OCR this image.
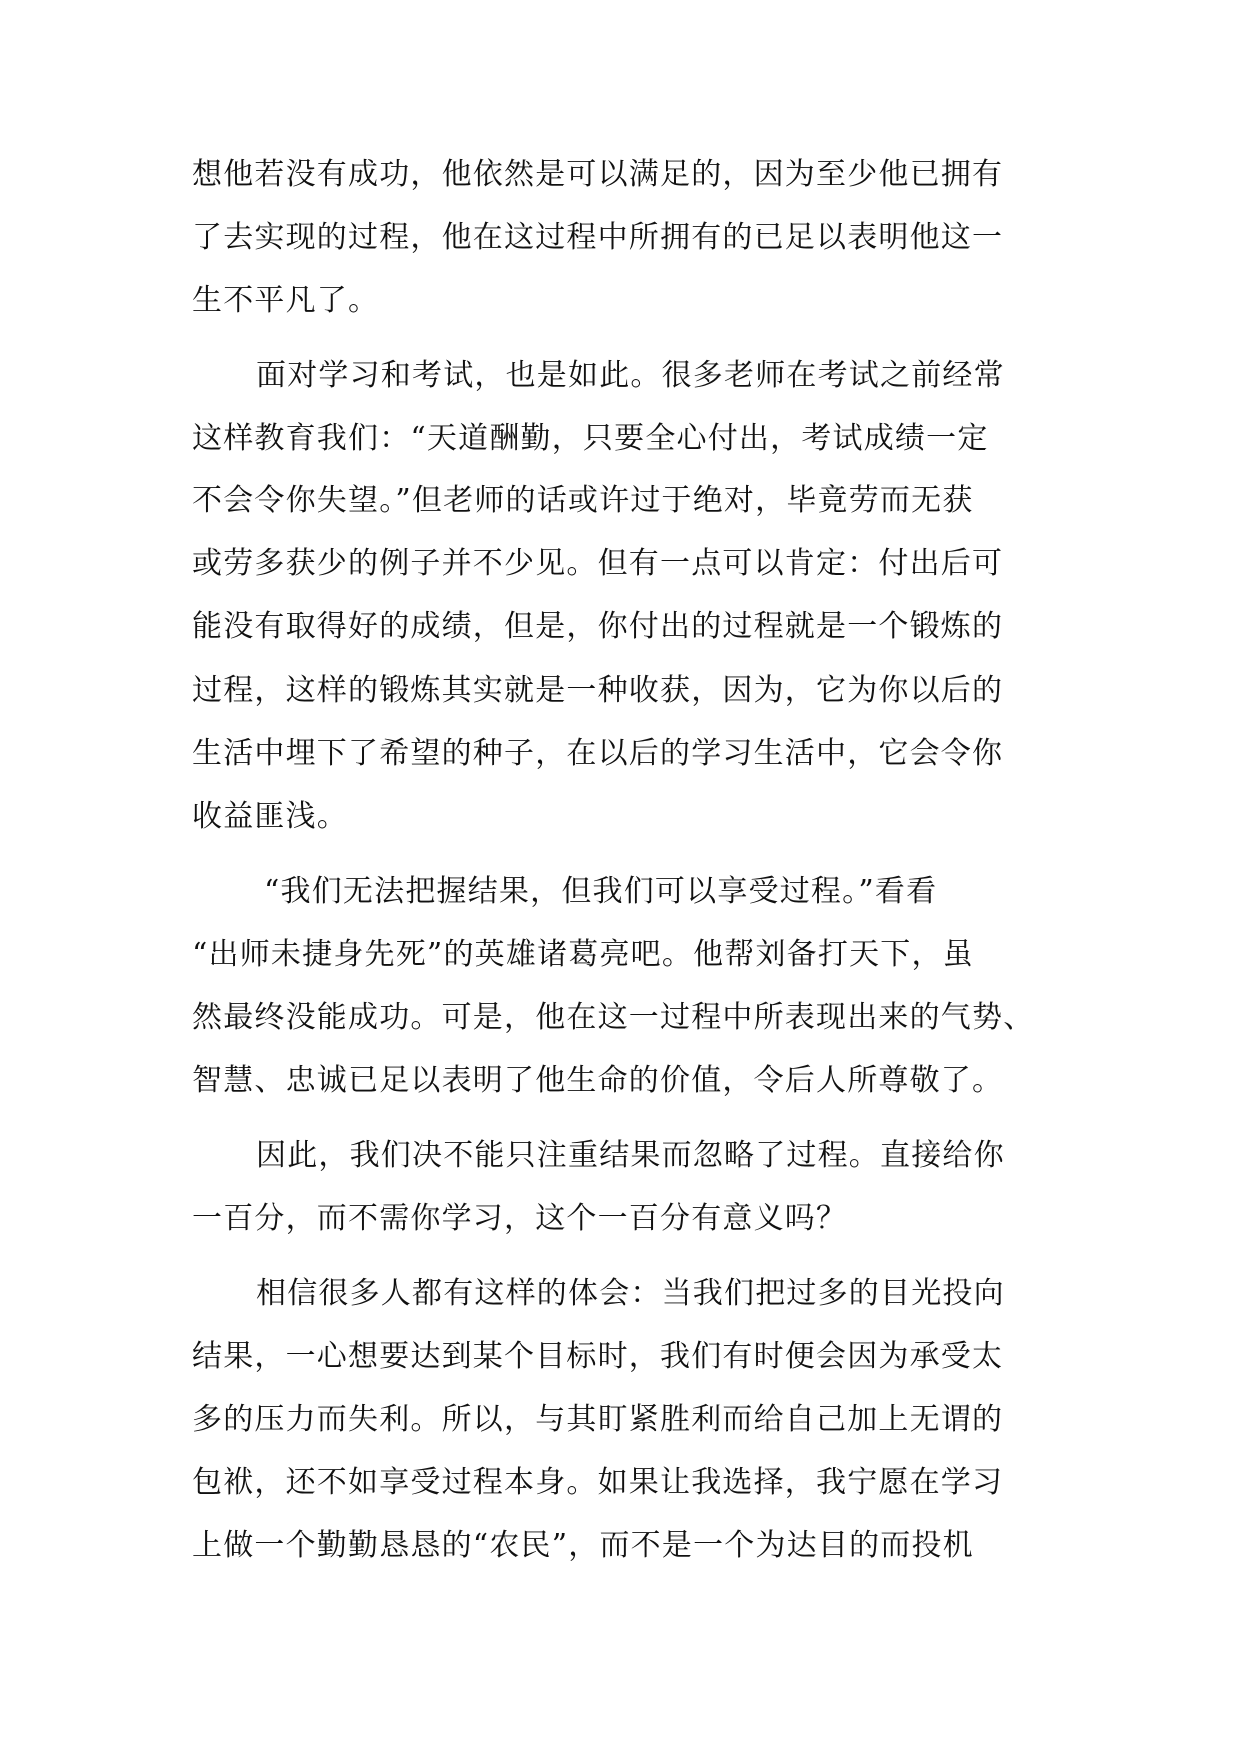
想他若没有成功，他依然是可以满足的，因为至少他已拥有
了去实现的过程，他在这过程中所拥有的已足以表明他这一
生不平凡了。
面对学习和考试，也是如此。很多老师在考试之前经常
这样教育我们：“天道酬勤，只要全心付出，考试成绩一定
不会令你失望。”但老师的话或许过于绝对，毕竟劳而无获
或劳多获少的例子并不少见。但有一点可以肯定：付出后可
能没有取得好的成绩，但是，你付出的过程就是一个锻炼的
过程，这样的锻炼其实就是一种收获，因为，它为你以后的
生活中埋下了希望的种子，在以后的学习生活中，它会令你
收益匪浅。
“我们无法把握结果，但我们可以享受过程。”看看
“出师未捷身先死”的英雄诸葛亮吧。他帮刘备打天下，虽
然最终没能成功。可是，他在这一过程中所表现出来的气势、
智慧、忠诚已足以表明了他生命的价值，令后人所尊敬了。
因此，我们决不能只注重结果而忽略了过程。直接给你
一百分，而不需你学习，这个一百分有意义吗？
相信很多人都有这样的体会：当我们把过多的目光投向
结果，一心想要达到某个目标时，我们有时便会因为承受太
多的压力而失利。所以，与其盯紧胜利而给自己加上无谓的
包袱，还不如享受过程本身。如果让我选择，我宁愿在学习
上做一个勤勤恳恳的“农民”，而不是一个为达目的而投机
